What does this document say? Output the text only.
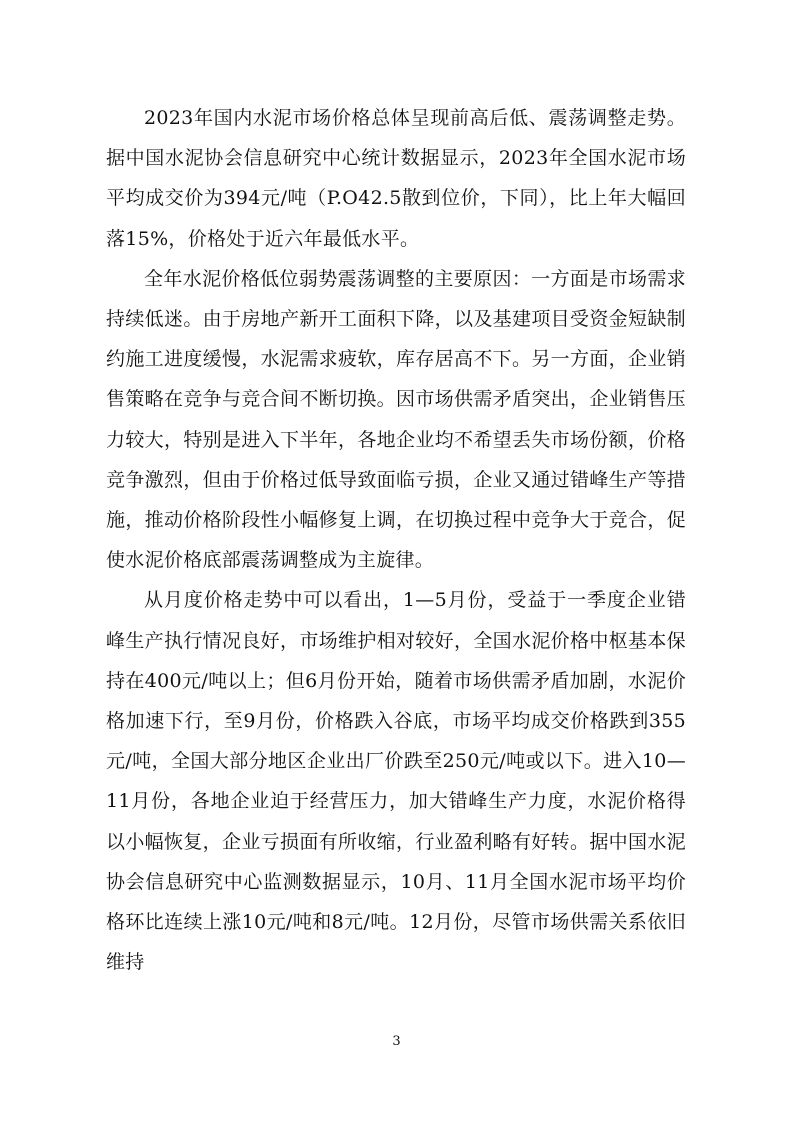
2023年国内水泥市场价格总体呈现前高后低、震荡调整走势。据中国水泥协会信息研究中心统计数据显示，2023年全国水泥市场平均成交价为394元/吨（P.O42.5散到位价，下同），比上年大幅回落15%，价格处于近六年最低水平。

全年水泥价格低位弱势震荡调整的主要原因：一方面是市场需求持续低迷。由于房地产新开工面积下降，以及基建项目受资金短缺制约施工进度缓慢，水泥需求疲软，库存居高不下。另一方面，企业销售策略在竞争与竞合间不断切换。因市场供需矛盾突出，企业销售压力较大，特别是进入下半年，各地企业均不希望丢失市场份额，价格竞争激烈，但由于价格过低导致面临亏损，企业又通过错峰生产等措施，推动价格阶段性小幅修复上调，在切换过程中竞争大于竞合，促使水泥价格底部震荡调整成为主旋律。

从月度价格走势中可以看出，1—5月份，受益于一季度企业错峰生产执行情况良好，市场维护相对较好，全国水泥价格中枢基本保持在400元/吨以上；但6月份开始，随着市场供需矛盾加剧，水泥价格加速下行，至9月份，价格跌入谷底，市场平均成交价格跌到355元/吨，全国大部分地区企业出厂价跌至250元/吨或以下。进入10—11月份，各地企业迫于经营压力，加大错峰生产力度，水泥价格得以小幅恢复，企业亏损面有所收缩，行业盈利略有好转。据中国水泥协会信息研究中心监测数据显示，10月、11月全国水泥市场平均价格环比连续上涨10元/吨和8元/吨。12月份，尽管市场供需关系依旧维持

3
